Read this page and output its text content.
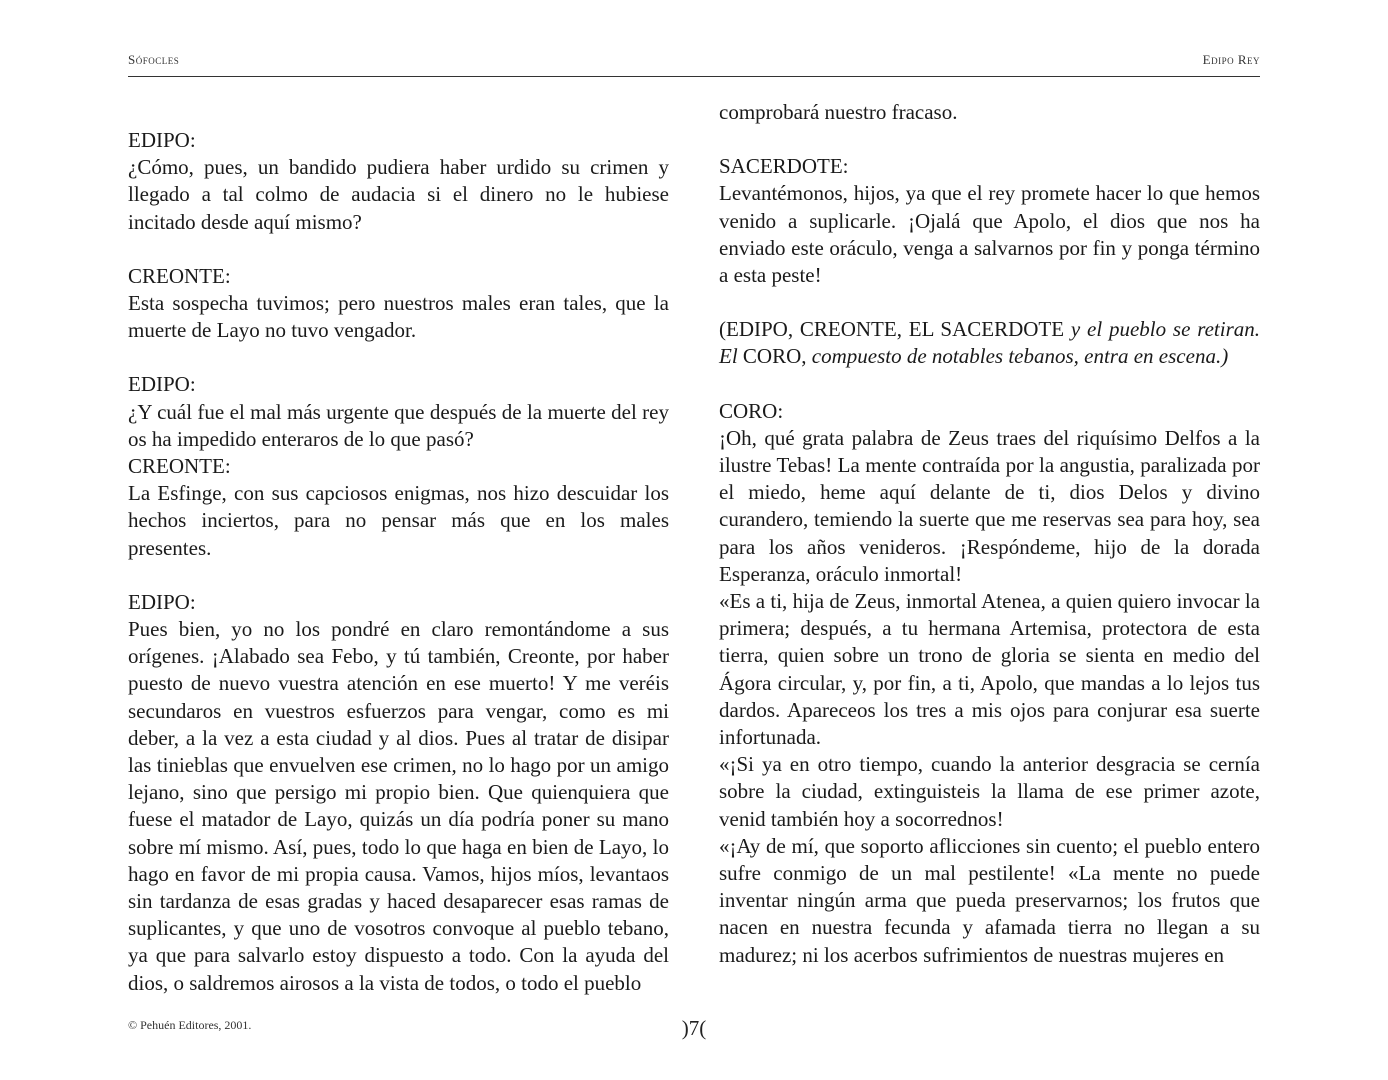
Sófocles	Edipo Rey
EDIPO:

¿Cómo, pues, un bandido pudiera haber urdido su crimen y llegado a tal colmo de audacia si el dinero no le hubiese incitado desde aquí mismo?

CREONTE:

Esta sospecha tuvimos; pero nuestros males eran tales, que la muerte de Layo no tuvo vengador.

EDIPO:

¿Y cuál fue el mal más urgente que después de la muerte del rey os ha impedido enteraros de lo que pasó?

CREONTE:

La Esfinge, con sus capciosos enigmas, nos hizo descuidar los hechos inciertos, para no pensar más que en los males presentes.

EDIPO:

Pues bien, yo no los pondré en claro remontándome a sus orígenes. ¡Alabado sea Febo, y tú también, Creonte, por haber puesto de nuevo vuestra atención en ese muerto! Y me veréis secundaros en vuestros esfuerzos para vengar, como es mi deber, a la vez a esta ciudad y al dios. Pues al tratar de disipar las tinieblas que envuelven ese crimen, no lo hago por un amigo lejano, sino que persigo mi propio bien. Que quienquiera que fuese el matador de Layo, quizás un día podría poner su mano sobre mí mismo. Así, pues, todo lo que haga en bien de Layo, lo hago en favor de mi propia causa. Vamos, hijos míos, levantaos sin tardanza de esas gradas y haced desaparecer esas ramas de suplicantes, y que uno de vosotros convoque al pueblo tebano, ya que para salvarlo estoy dispuesto a todo. Con la ayuda del dios, o saldremos airosos a la vista de todos, o todo el pueblo

comprobará nuestro fracaso.

SACERDOTE:

Levantémonos, hijos, ya que el rey promete hacer lo que hemos venido a suplicarle. ¡Ojalá que Apolo, el dios que nos ha enviado este oráculo, venga a salvarnos por fin y ponga término a esta peste!

(EDIPO, CREONTE, EL SACERDOTE y el pueblo se retiran. El CORO, compuesto de notables tebanos, entra en escena.)

CORO:

¡Oh, qué grata palabra de Zeus traes del riquísimo Delfos a la ilustre Tebas! La mente contraída por la angustia, paralizada por el miedo, heme aquí delante de ti, dios Delos y divino curandero, temiendo la suerte que me reservas sea para hoy, sea para los años venideros. ¡Respóndeme, hijo de la dorada Esperanza, oráculo inmortal!

«Es a ti, hija de Zeus, inmortal Atenea, a quien quiero invocar la primera; después, a tu hermana Artemisa, protectora de esta tierra, quien sobre un trono de gloria se sienta en medio del Ágora circular, y, por fin, a ti, Apolo, que mandas a lo lejos tus dardos. Apareceos los tres a mis ojos para conjurar esa suerte infortunada.

«¡Si ya en otro tiempo, cuando la anterior desgracia se cernía sobre la ciudad, extinguisteis la llama de ese primer azote, venid también hoy a socorrednos!

«¡Ay de mí, que soporto aflicciones sin cuento; el pueblo entero sufre conmigo de un mal pestilente! «La mente no puede inventar ningún arma que pueda preservarnos; los frutos que nacen en nuestra fecunda y afamada tierra no llegan a su madurez; ni los acerbos sufrimientos de nuestras mujeres en

© Pehuén Editores, 2001.	)7(
